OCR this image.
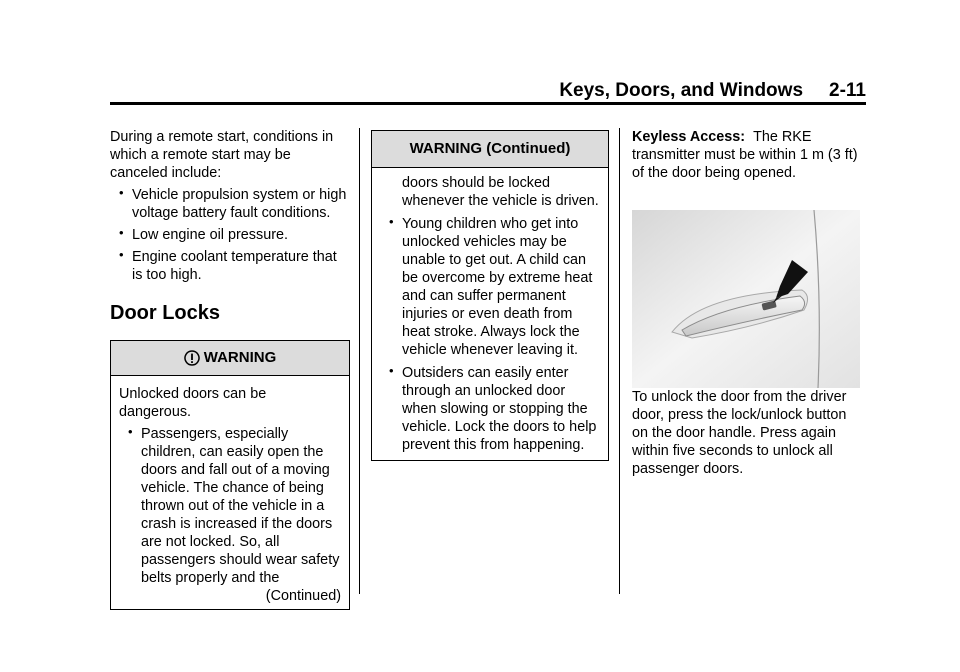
Keys, Doors, and Windows 2-11

During a remote start, conditions in which a remote start may be canceled include:

• Vehicle propulsion system or high voltage battery fault conditions.

• Low engine oil pressure.

• Engine coolant temperature that is too high.

Door Locks
WARNING

Unlocked doors can be dangerous.

• Passengers, especially children, can easily open the doors and fall out of a moving vehicle. The chance of being thrown out of the vehicle in a crash is increased if the doors are not locked. So, all passengers should wear safety belts properly and the

(Continued)

WARNING (Continued)

doors should be locked whenever the vehicle is driven.

• Young children who get into unlocked vehicles may be unable to get out. A child can be overcome by extreme heat and can suffer permanent injuries or even death from heat stroke. Always lock the vehicle whenever leaving it.

• Outsiders can easily enter through an unlocked door when slowing or stopping the vehicle. Lock the doors to help prevent this from happening.

Keyless Access: The RKE transmitter must be within 1 m (3 ft) of the door being opened.

To unlock the door from the driver door, press the lock/unlock button on the door handle. Press again within five seconds to unlock all passenger doors.
